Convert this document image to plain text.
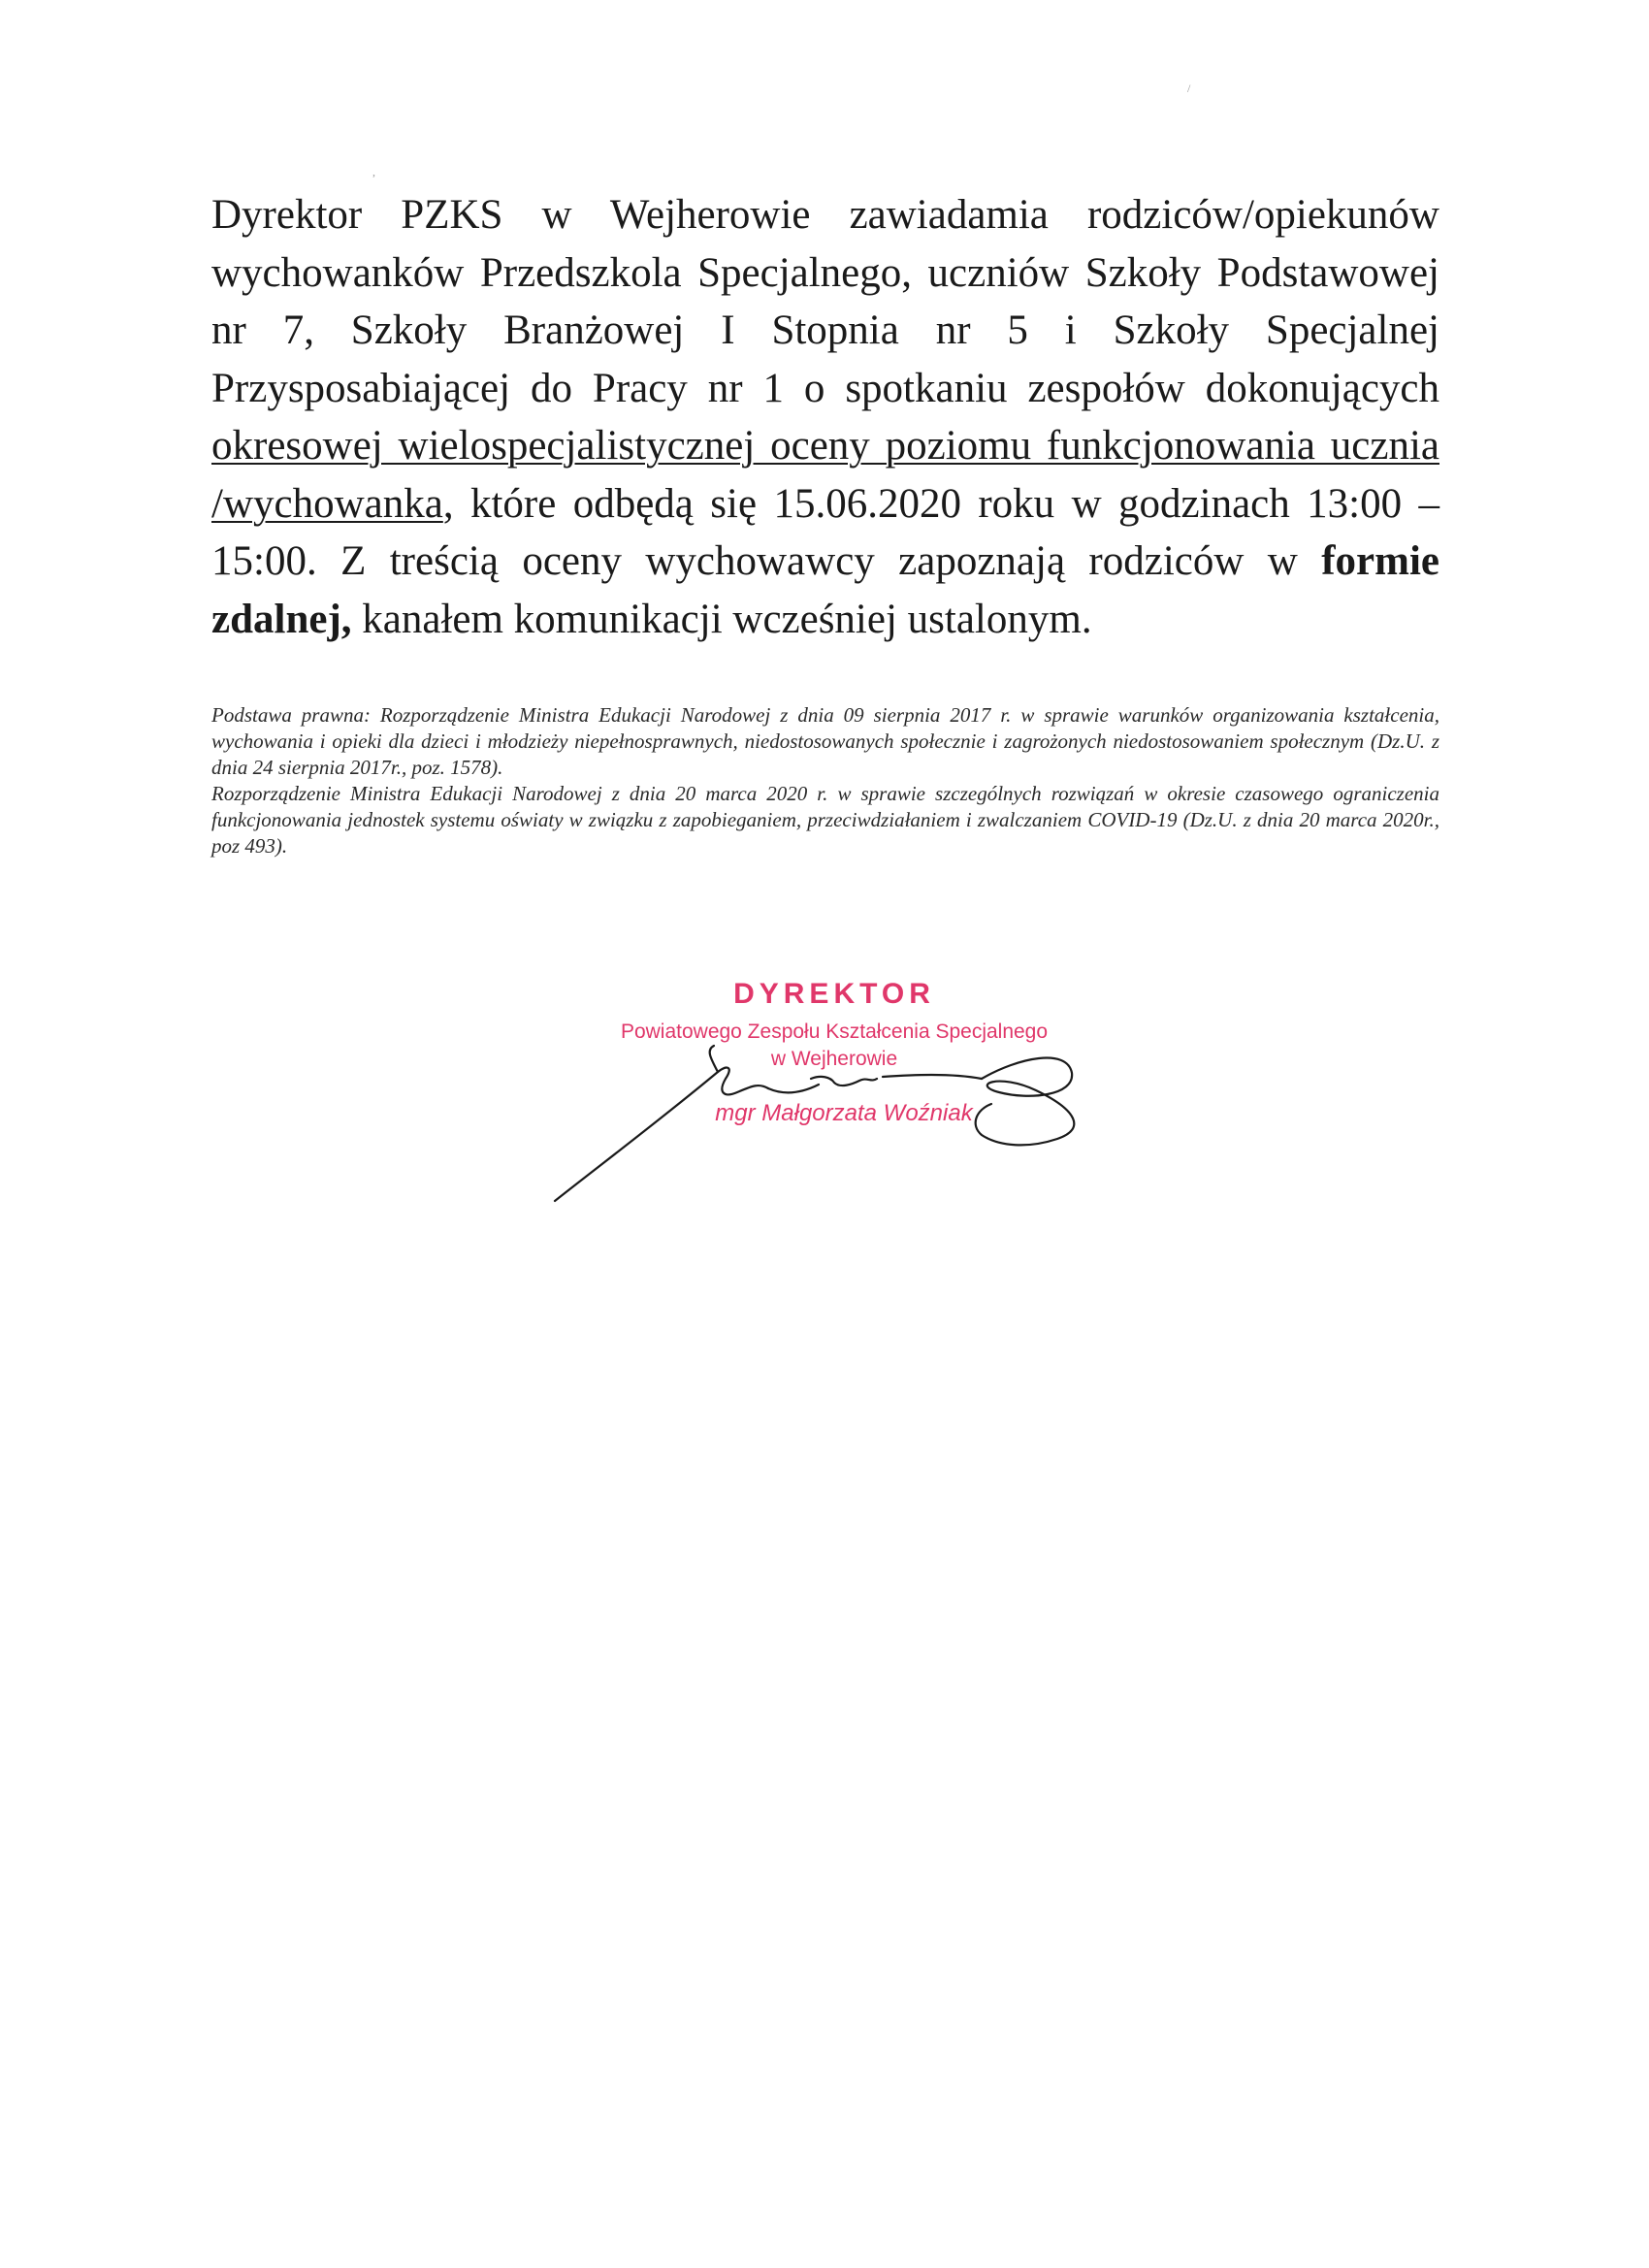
/
,

Dyrektor PZKS w Wejherowie zawiadamia rodziców/opiekunów wychowanków Przedszkola Specjalnego, uczniów Szkoły Podstawowej nr 7, Szkoły Branżowej I Stopnia nr 5 i Szkoły Specjalnej Przysposabiającej do Pracy nr 1 o spotkaniu zespołów dokonujących okresowej wielospecjalistycznej oceny poziomu funkcjonowania ucznia /wychowanka, które odbędą się 15.06.2020 roku w godzinach 13:00 – 15:00. Z treścią oceny wychowawcy zapoznają rodziców w formie zdalnej, kanałem komunikacji wcześniej ustalonym.

Podstawa prawna: Rozporządzenie Ministra Edukacji Narodowej z dnia 09 sierpnia 2017 r. w sprawie warunków organizowania kształcenia, wychowania i opieki dla dzieci i młodzieży niepełnosprawnych, niedostosowanych społecznie i zagrożonych niedostosowaniem społecznym (Dz.U. z dnia 24 sierpnia 2017r., poz. 1578).

Rozporządzenie Ministra Edukacji Narodowej z dnia 20 marca 2020 r. w sprawie szczególnych rozwiązań w okresie czasowego ograniczenia funkcjonowania jednostek systemu oświaty w związku z zapobieganiem, przeciwdziałaniem i zwalczaniem COVID-19 (Dz.U. z dnia 20 marca 2020r., poz 493).

DYREKTOR
Powiatowego Zespołu Kształcenia Specjalnego
w Wejherowie
mgr Małgorzata Woźniak
